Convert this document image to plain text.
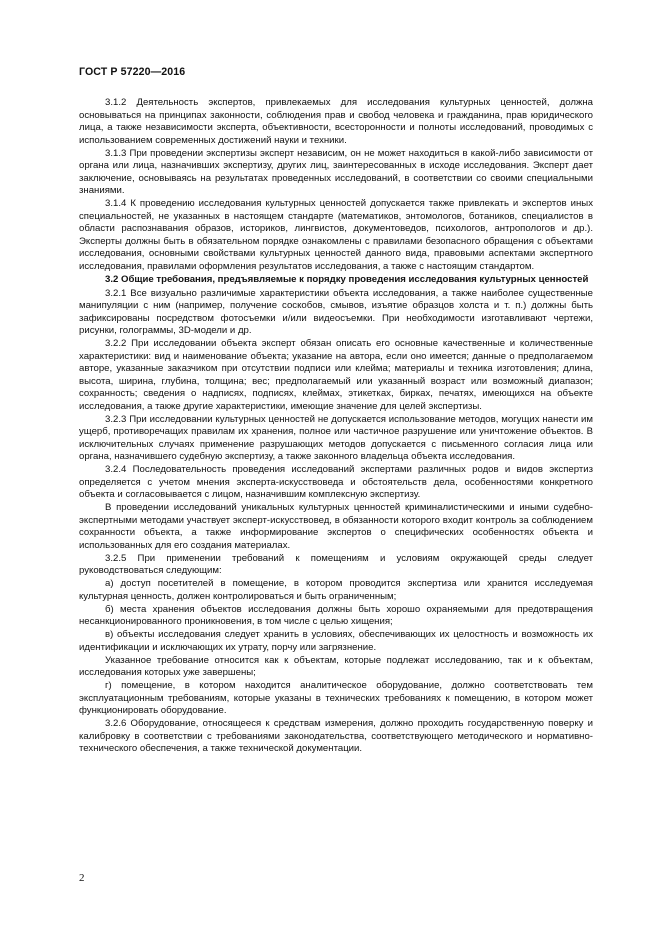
ГОСТ Р 57220—2016

3.1.2 Деятельность экспертов, привлекаемых для исследования культурных ценностей, должна основываться на принципах законности, соблюдения прав и свобод человека и гражданина, прав юридического лица, а также независимости эксперта, объективности, всесторонности и полноты исследований, проводимых с использованием современных достижений науки и техники.

3.1.3 При проведении экспертизы эксперт независим, он не может находиться в какой-либо зависимости от органа или лица, назначивших экспертизу, других лиц, заинтересованных в исходе исследования. Эксперт дает заключение, основываясь на результатах проведенных исследований, в соответствии со своими специальными знаниями.

3.1.4 К проведению исследования культурных ценностей допускается также привлекать и экспертов иных специальностей, не указанных в настоящем стандарте (математиков, энтомологов, ботаников, специалистов в области распознавания образов, историков, лингвистов, документоведов, психологов, антропологов и др.). Эксперты должны быть в обязательном порядке ознакомлены с правилами безопасного обращения с объектами исследования, основными свойствами культурных ценностей данного вида, правовыми аспектами экспертного исследования, правилами оформления результатов исследования, а также с настоящим стандартом.

3.2 Общие требования, предъявляемые к порядку проведения исследования культурных ценностей

3.2.1 Все визуально различимые характеристики объекта исследования, а также наиболее существенные манипуляции с ним (например, получение соскобов, смывов, изъятие образцов холста и т. п.) должны быть зафиксированы посредством фотосъемки и/или видеосъемки. При необходимости изготавливают чертежи, рисунки, голограммы, 3D-модели и др.

3.2.2 При исследовании объекта эксперт обязан описать его основные качественные и количественные характеристики: вид и наименование объекта; указание на автора, если оно имеется; данные о предполагаемом авторе, указанные заказчиком при отсутствии подписи или клейма; материалы и техника изготовления; длина, высота, ширина, глубина, толщина; вес; предполагаемый или указанный возраст или возможный диапазон; сохранность; сведения о надписях, подписях, клеймах, этикетках, бирках, печатях, имеющихся на объекте исследования, а также другие характеристики, имеющие значение для целей экспертизы.

3.2.3 При исследовании культурных ценностей не допускается использование методов, могущих нанести им ущерб, противоречащих правилам их хранения, полное или частичное разрушение или уничтожение объектов. В исключительных случаях применение разрушающих методов допускается с письменного согласия лица или органа, назначившего судебную экспертизу, а также законного владельца объекта исследования.

3.2.4 Последовательность проведения исследований экспертами различных родов и видов экспертиз определяется с учетом мнения эксперта-искусствоведа и обстоятельств дела, особенностями конкретного объекта и согласовывается с лицом, назначившим комплексную экспертизу.

В проведении исследований уникальных культурных ценностей криминалистическими и иными судебно-экспертными методами участвует эксперт-искусствовед, в обязанности которого входит контроль за соблюдением сохранности объекта, а также информирование экспертов о специфических особенностях объекта и использованных для его создания материалах.

3.2.5 При применении требований к помещениям и условиям окружающей среды следует руководствоваться следующим:

а) доступ посетителей в помещение, в котором проводится экспертиза или хранится исследуемая культурная ценность, должен контролироваться и быть ограниченным;

б) места хранения объектов исследования должны быть хорошо охраняемыми для предотвращения несанкционированного проникновения, в том числе с целью хищения;

в) объекты исследования следует хранить в условиях, обеспечивающих их целостность и возможность их идентификации и исключающих их утрату, порчу или загрязнение.

Указанное требование относится как к объектам, которые подлежат исследованию, так и к объектам, исследования которых уже завершены;

г) помещение, в котором находится аналитическое оборудование, должно соответствовать тем эксплуатационным требованиям, которые указаны в технических требованиях к помещению, в котором может функционировать оборудование.

3.2.6 Оборудование, относящееся к средствам измерения, должно проходить государственную поверку и калибровку в соответствии с требованиями законодательства, соответствующего методического и нормативно-технического обеспечения, а также технической документации.

2
